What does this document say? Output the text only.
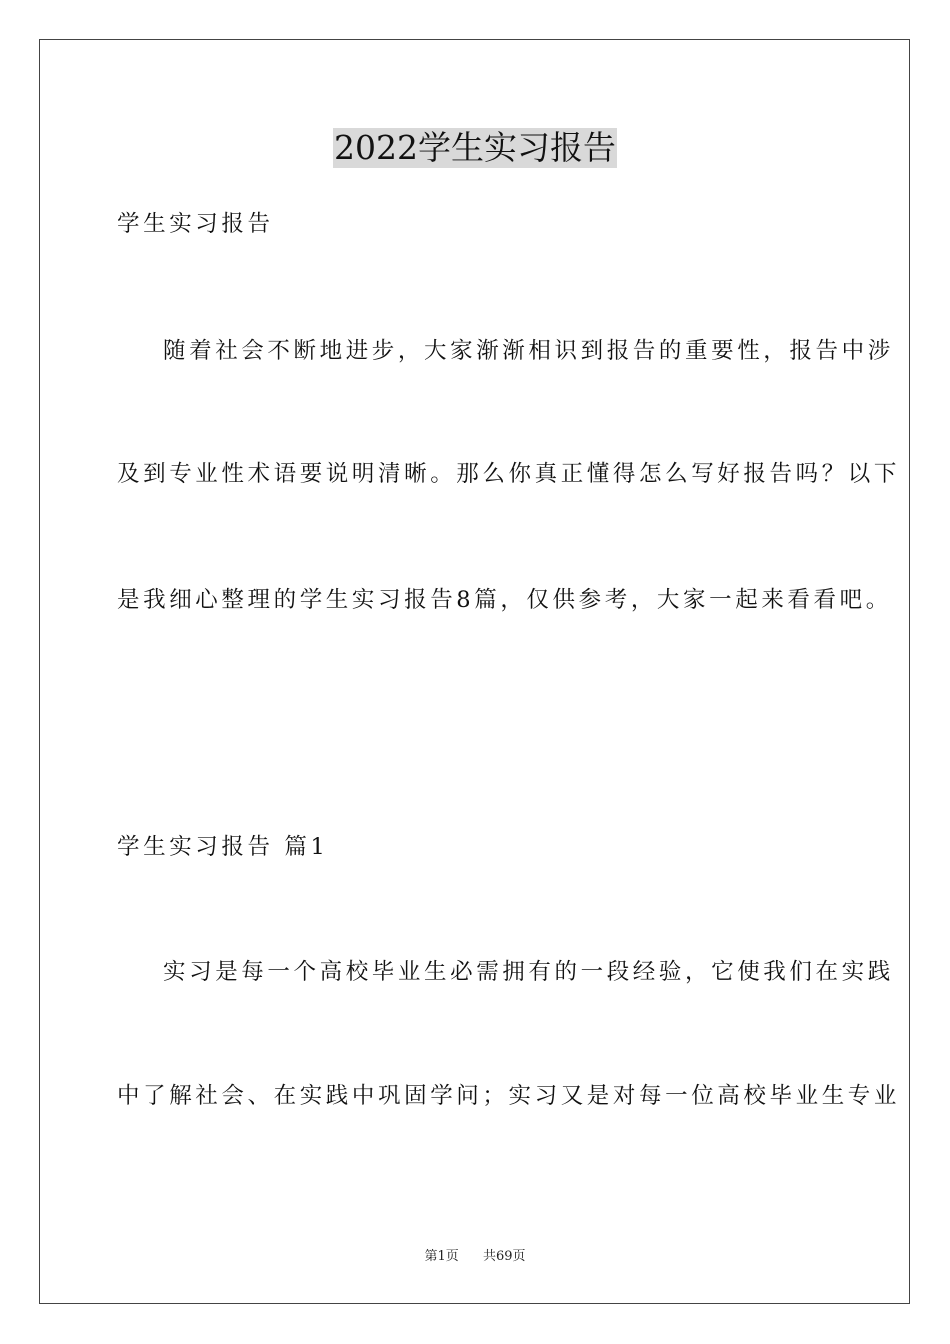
2022学生实习报告
学生实习报告
随着社会不断地进步，大家渐渐相识到报告的重要性，报告中涉
及到专业性术语要说明清晰。那么你真正懂得怎么写好报告吗？以下
是我细心整理的学生实习报告8篇，仅供参考，大家一起来看看吧。
学生实习报告 篇1
实习是每一个高校毕业生必需拥有的一段经验，它使我们在实践
中了解社会、在实践中巩固学问；实习又是对每一位高校毕业生专业
第1页 共69页
